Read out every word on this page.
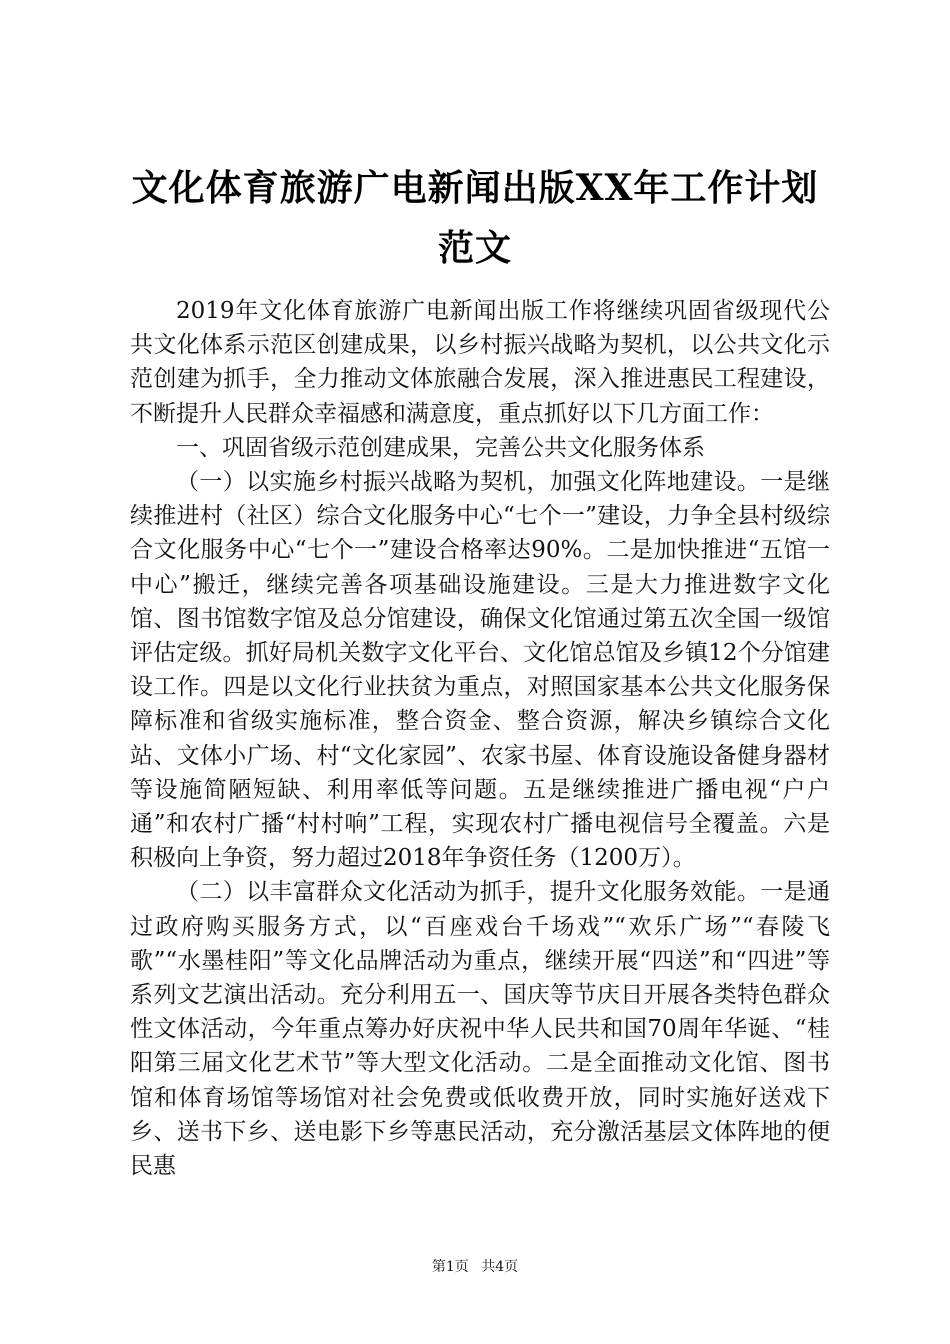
文化体育旅游广电新闻出版XX年工作计划范文

2019年文化体育旅游广电新闻出版工作将继续巩固省级现代公共文化体系示范区创建成果，以乡村振兴战略为契机，以公共文化示范创建为抓手，全力推动文体旅融合发展，深入推进惠民工程建设，不断提升人民群众幸福感和满意度，重点抓好以下几方面工作：

一、巩固省级示范创建成果，完善公共文化服务体系

（一）以实施乡村振兴战略为契机，加强文化阵地建设。一是继续推进村（社区）综合文化服务中心“七个一”建设，力争全县村级综合文化服务中心“七个一”建设合格率达90%。二是加快推进“五馆一中心”搬迁，继续完善各项基础设施建设。三是大力推进数字文化馆、图书馆数字馆及总分馆建设，确保文化馆通过第五次全国一级馆评估定级。抓好局机关数字文化平台、文化馆总馆及乡镇12个分馆建设工作。四是以文化行业扶贫为重点，对照国家基本公共文化服务保障标准和省级实施标准，整合资金、整合资源，解决乡镇综合文化站、文体小广场、村“文化家园”、农家书屋、体育设施设备健身器材等设施简陋短缺、利用率低等问题。五是继续推进广播电视“户户通”和农村广播“村村响”工程，实现农村广播电视信号全覆盖。六是积极向上争资，努力超过2018年争资任务（1200万）。

（二）以丰富群众文化活动为抓手，提升文化服务效能。一是通过政府购买服务方式，以“百座戏台千场戏”“欢乐广场”“春陵飞歌”“水墨桂阳”等文化品牌活动为重点，继续开展“四送”和“四进”等系列文艺演出活动。充分利用五一、国庆等节庆日开展各类特色群众性文体活动，今年重点筹办好庆祝中华人民共和国70周年华诞、“桂阳第三届文化艺术节”等大型文化活动。二是全面推动文化馆、图书馆和体育场馆等场馆对社会免费或低收费开放，同时实施好送戏下乡、送书下乡、送电影下乡等惠民活动，充分激活基层文体阵地的便民惠

第1页 共4页
